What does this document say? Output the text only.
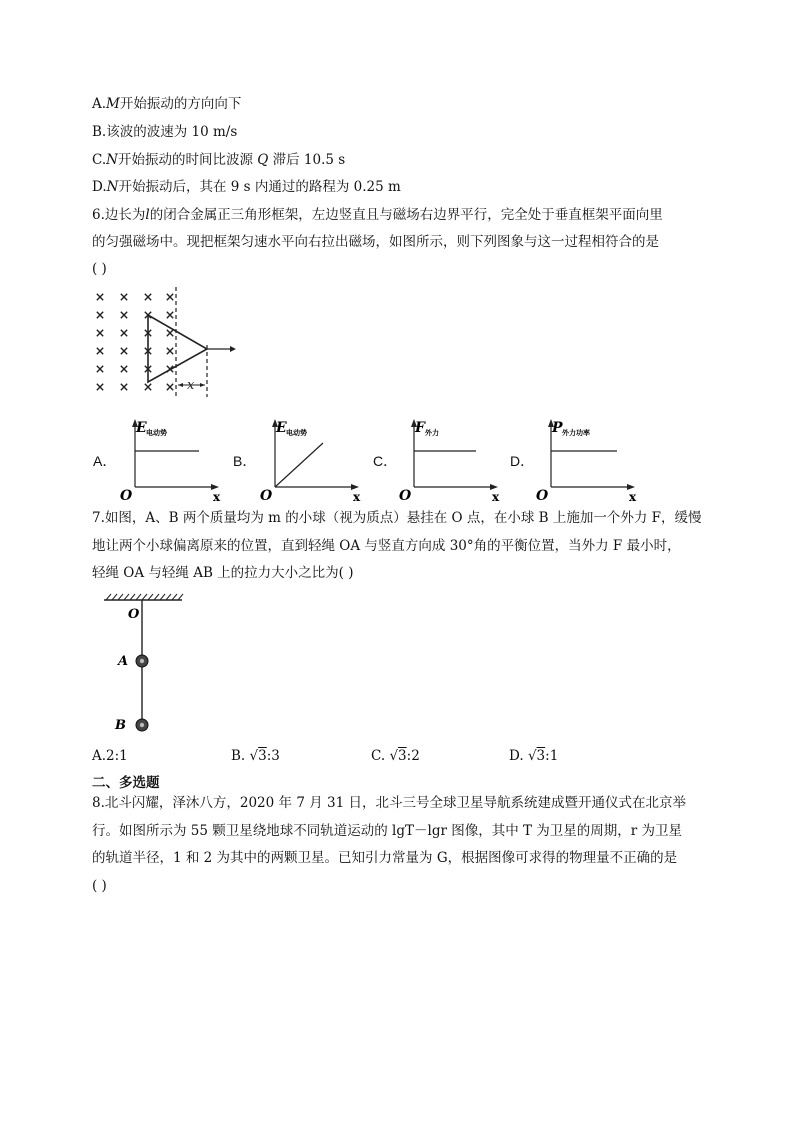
A.M开始振动的方向向下
B.该波的波速为 10 m/s
C.N开始振动的时间比波源 Q 滞后 10.5 s
D.N开始振动后，其在 9 s 内通过的路程为 0.25 m
6.边长为l的闭合金属正三角形框架，左边竖直且与磁场右边界平行，完全处于垂直框架平面向里
的匀强磁场中。现把框架匀速水平向右拉出磁场，如图所示，则下列图象与这一过程相符合的是
( )
x
A．
E 电动势
O	x
B．
E 电动势
O	x
C．
F 外力
O	x
D．
P 外力功率
O	x
7.如图，A、B 两个质量均为 m 的小球（视为质点）悬挂在 O 点，在小球 B 上施加一个外力 F，缓慢
地让两个小球偏离原来的位置，直到轻绳 OA 与竖直方向成 30°角的平衡位置，当外力 F 最小时，
轻绳 OA 与轻绳 AB 上的拉力大小之比为( )
O
A
B
A.2:1	B. √3:3	C. √3:2	D. √3:1
二、多选题
8.北斗闪耀，泽沐八方，2020 年 7 月 31 日，北斗三号全球卫星导航系统建成暨开通仪式在北京举
行。如图所示为 55 颗卫星绕地球不同轨道运动的 lgT－lgr 图像，其中 T 为卫星的周期，r 为卫星
的轨道半径，1 和 2 为其中的两颗卫星。已知引力常量为 G，根据图像可求得的物理量不正确的是
( )
